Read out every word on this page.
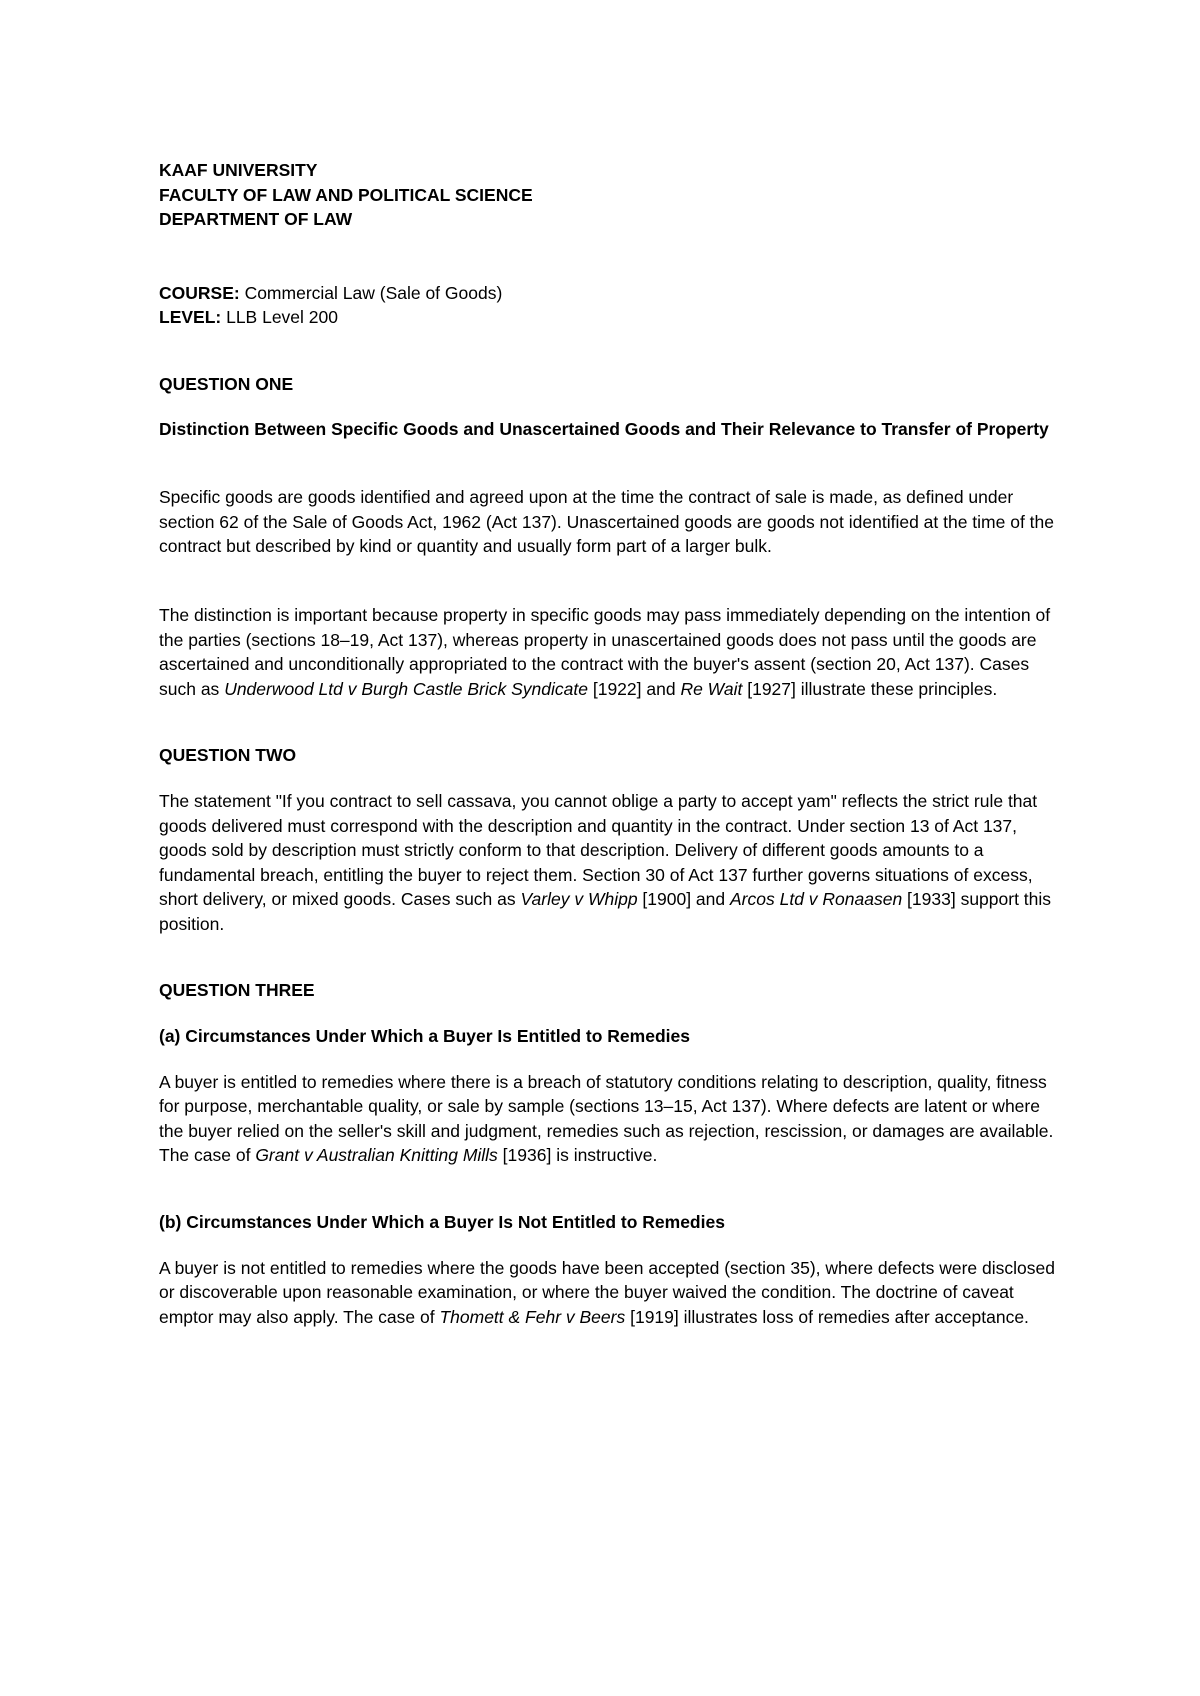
KAAF UNIVERSITY
FACULTY OF LAW AND POLITICAL SCIENCE
DEPARTMENT OF LAW
COURSE: Commercial Law (Sale of Goods)
LEVEL: LLB Level 200
QUESTION ONE
Distinction Between Specific Goods and Unascertained Goods and Their Relevance to Transfer of Property

Specific goods are goods identified and agreed upon at the time the contract of sale is made, as defined under section 62 of the Sale of Goods Act, 1962 (Act 137). Unascertained goods are goods not identified at the time of the contract but described by kind or quantity and usually form part of a larger bulk.

The distinction is important because property in specific goods may pass immediately depending on the intention of the parties (sections 18–19, Act 137), whereas property in unascertained goods does not pass until the goods are ascertained and unconditionally appropriated to the contract with the buyer's assent (section 20, Act 137). Cases such as Underwood Ltd v Burgh Castle Brick Syndicate [1922] and Re Wait [1927] illustrate these principles.

QUESTION TWO

The statement "If you contract to sell cassava, you cannot oblige a party to accept yam" reflects the strict rule that goods delivered must correspond with the description and quantity in the contract. Under section 13 of Act 137, goods sold by description must strictly conform to that description. Delivery of different goods amounts to a fundamental breach, entitling the buyer to reject them. Section 30 of Act 137 further governs situations of excess, short delivery, or mixed goods. Cases such as Varley v Whipp [1900] and Arcos Ltd v Ronaasen [1933] support this position.

QUESTION THREE
(a) Circumstances Under Which a Buyer Is Entitled to Remedies

A buyer is entitled to remedies where there is a breach of statutory conditions relating to description, quality, fitness for purpose, merchantable quality, or sale by sample (sections 13–15, Act 137). Where defects are latent or where the buyer relied on the seller's skill and judgment, remedies such as rejection, rescission, or damages are available. The case of Grant v Australian Knitting Mills [1936] is instructive.

(b) Circumstances Under Which a Buyer Is Not Entitled to Remedies

A buyer is not entitled to remedies where the goods have been accepted (section 35), where defects were disclosed or discoverable upon reasonable examination, or where the buyer waived the condition. The doctrine of caveat emptor may also apply. The case of Thomett & Fehr v Beers [1919] illustrates loss of remedies after acceptance.
